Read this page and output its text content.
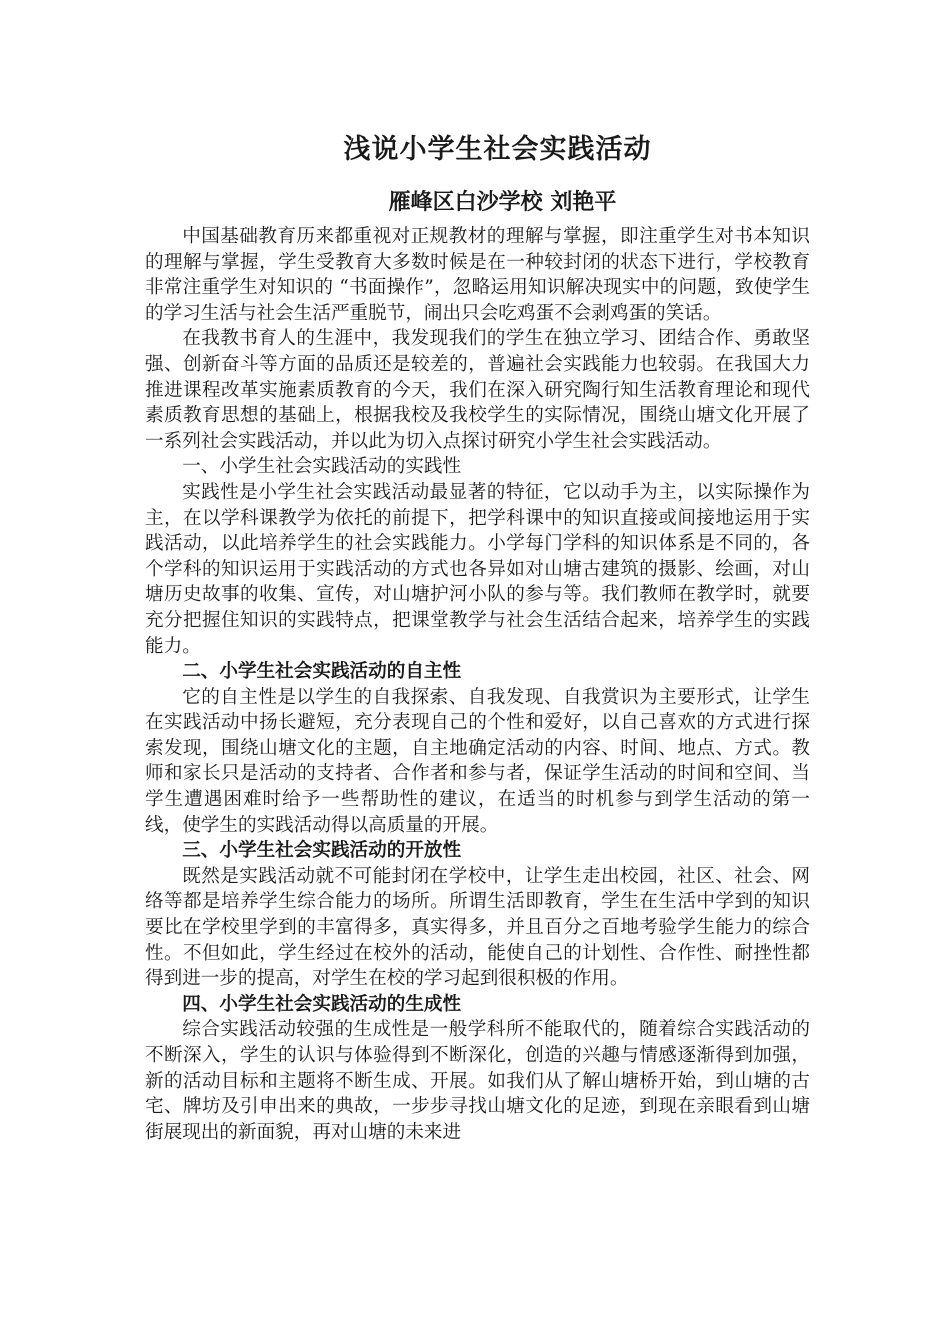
浅说小学生社会实践活动
雁峰区白沙学校 刘艳平

中国基础教育历来都重视对正规教材的理解与掌握，即注重学生对书本知识的理解与掌握，学生受教育大多数时候是在一种较封闭的状态下进行，学校教育非常注重学生对知识的 “书面操作”，忽略运用知识解决现实中的问题，致使学生的学习生活与社会生活严重脱节，闹出只会吃鸡蛋不会剥鸡蛋的笑话。

在我教书育人的生涯中，我发现我们的学生在独立学习、团结合作、勇敢坚强、创新奋斗等方面的品质还是较差的，普遍社会实践能力也较弱。在我国大力推进课程改革实施素质教育的今天，我们在深入研究陶行知生活教育理论和现代素质教育思想的基础上，根据我校及我校学生的实际情况，围绕山塘文化开展了一系列社会实践活动，并以此为切入点探讨研究小学生社会实践活动。

一、小学生社会实践活动的实践性

实践性是小学生社会实践活动最显著的特征，它以动手为主，以实际操作为主，在以学科课教学为依托的前提下，把学科课中的知识直接或间接地运用于实践活动，以此培养学生的社会实践能力。小学每门学科的知识体系是不同的，各个学科的知识运用于实践活动的方式也各异如对山塘古建筑的摄影、绘画，对山塘历史故事的收集、宣传，对山塘护河小队的参与等。我们教师在教学时，就要充分把握住知识的实践特点，把课堂教学与社会生活结合起来，培养学生的实践能力。

二、小学生社会实践活动的自主性

它的自主性是以学生的自我探索、自我发现、自我赏识为主要形式，让学生在实践活动中扬长避短，充分表现自己的个性和爱好，以自己喜欢的方式进行探索发现，围绕山塘文化的主题，自主地确定活动的内容、时间、地点、方式。教师和家长只是活动的支持者、合作者和参与者，保证学生活动的时间和空间、当学生遭遇困难时给予一些帮助性的建议，在适当的时机参与到学生活动的第一线，使学生的实践活动得以高质量的开展。

三、小学生社会实践活动的开放性

既然是实践活动就不可能封闭在学校中，让学生走出校园，社区、社会、网络等都是培养学生综合能力的场所。所谓生活即教育，学生在生活中学到的知识要比在学校里学到的丰富得多，真实得多，并且百分之百地考验学生能力的综合性。不但如此，学生经过在校外的活动，能使自己的计划性、合作性、耐挫性都得到进一步的提高，对学生在校的学习起到很积极的作用。

四、小学生社会实践活动的生成性

综合实践活动较强的生成性是一般学科所不能取代的，随着综合实践活动的不断深入，学生的认识与体验得到不断深化，创造的兴趣与情感逐渐得到加强，新的活动目标和主题将不断生成、开展。如我们从了解山塘桥开始，到山塘的古宅、牌坊及引申出来的典故，一步步寻找山塘文化的足迹，到现在亲眼看到山塘街展现出的新面貌，再对山塘的未来进
